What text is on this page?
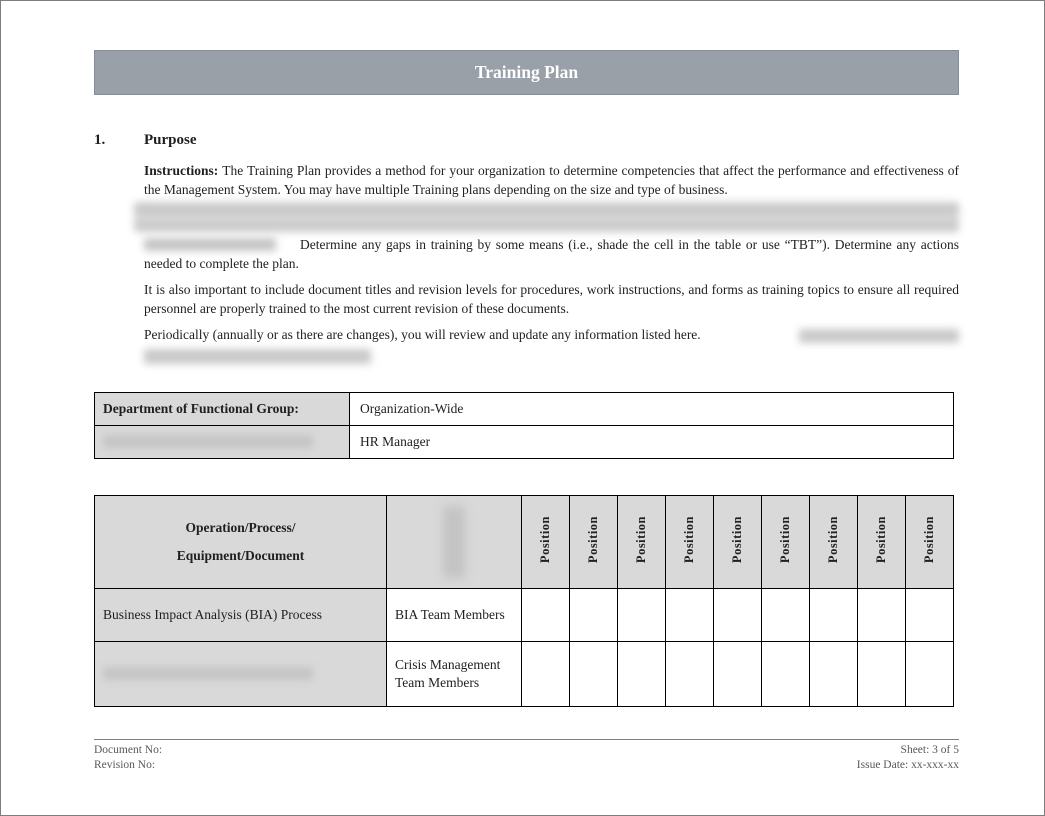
Training Plan
1.	Purpose

Instructions: The Training Plan provides a method for your organization to determine competencies that affect the performance and effectiveness of the Management System. You may have multiple Training plans depending on the size and type of business.

Determine any gaps in training by some means (i.e., shade the cell in the table or use “TBT”). Determine any actions needed to complete the plan.

It is also important to include document titles and revision levels for procedures, work instructions, and forms as training topics to ensure all required personnel are properly trained to the most current revision of these documents.

Periodically (annually or as there are changes), you will review and update any information listed here.

Department of Functional Group:	Organization-Wide
	HR Manager
Operation/Process/
Equipment/Document		Position	Position	Position	Position	Position	Position	Position	Position	Position
Business Impact Analysis (BIA) Process	BIA Team Members									
	Crisis Management Team Members									
Document No:
Revision No:
Sheet: 3 of 5
Issue Date: xx-xxx-xx
